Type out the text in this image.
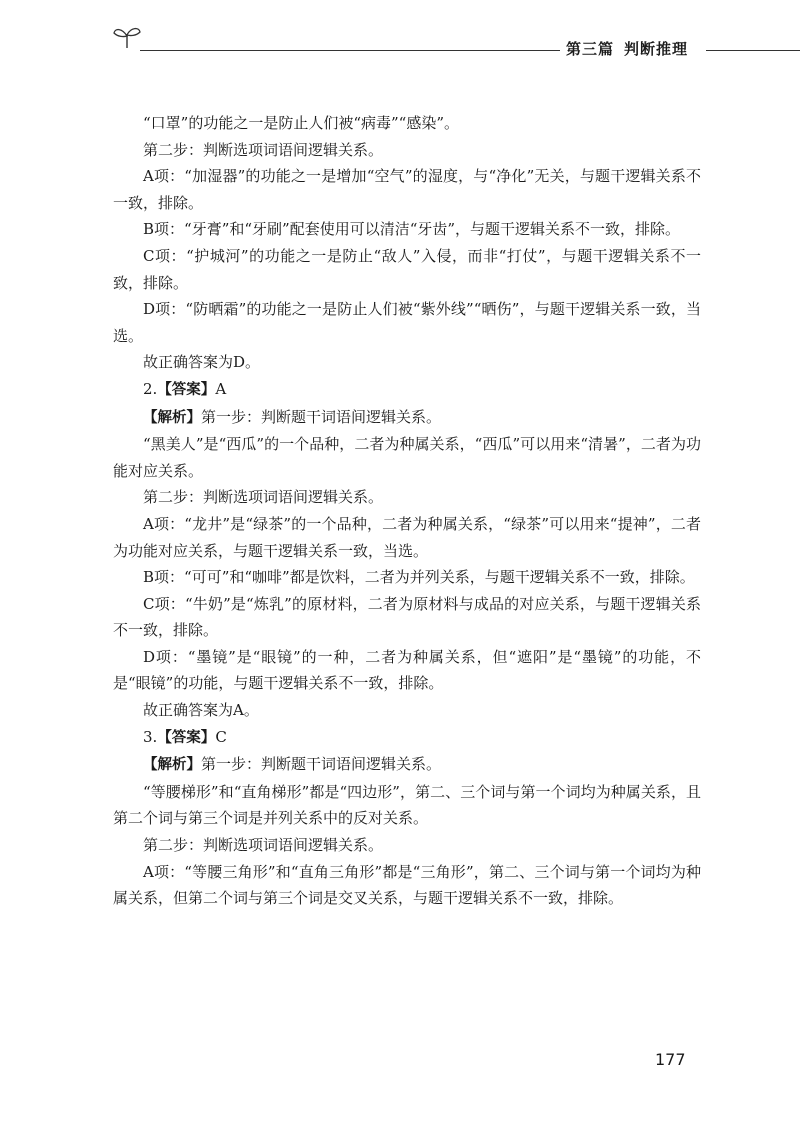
第三篇 判断推理

“口罩”的功能之一是防止人们被“病毒”“感染”。

第二步：判断选项词语间逻辑关系。

A项：“加湿器”的功能之一是增加“空气”的湿度，与“净化”无关，与题干逻辑关系不一致，排除。

B项：“牙膏”和“牙刷”配套使用可以清洁“牙齿”，与题干逻辑关系不一致，排除。

C项：“护城河”的功能之一是防止“敌人”入侵，而非“打仗”，与题干逻辑关系不一致，排除。

D项：“防晒霜”的功能之一是防止人们被“紫外线”“晒伤”，与题干逻辑关系一致，当选。

故正确答案为D。

2.【答案】A

【解析】第一步：判断题干词语间逻辑关系。

“黑美人”是“西瓜”的一个品种，二者为种属关系，“西瓜”可以用来“清暑”，二者为功能对应关系。

第二步：判断选项词语间逻辑关系。

A项：“龙井”是“绿茶”的一个品种，二者为种属关系，“绿茶”可以用来“提神”，二者为功能对应关系，与题干逻辑关系一致，当选。

B项：“可可”和“咖啡”都是饮料，二者为并列关系，与题干逻辑关系不一致，排除。

C项：“牛奶”是“炼乳”的原材料，二者为原材料与成品的对应关系，与题干逻辑关系不一致，排除。

D项：“墨镜”是“眼镜”的一种，二者为种属关系，但“遮阳”是“墨镜”的功能，不是“眼镜”的功能，与题干逻辑关系不一致，排除。

故正确答案为A。

3.【答案】C

【解析】第一步：判断题干词语间逻辑关系。

“等腰梯形”和“直角梯形”都是“四边形”，第二、三个词与第一个词均为种属关系，且第二个词与第三个词是并列关系中的反对关系。

第二步：判断选项词语间逻辑关系。

A项：“等腰三角形”和“直角三角形”都是“三角形”，第二、三个词与第一个词均为种属关系，但第二个词与第三个词是交叉关系，与题干逻辑关系不一致，排除。

177
